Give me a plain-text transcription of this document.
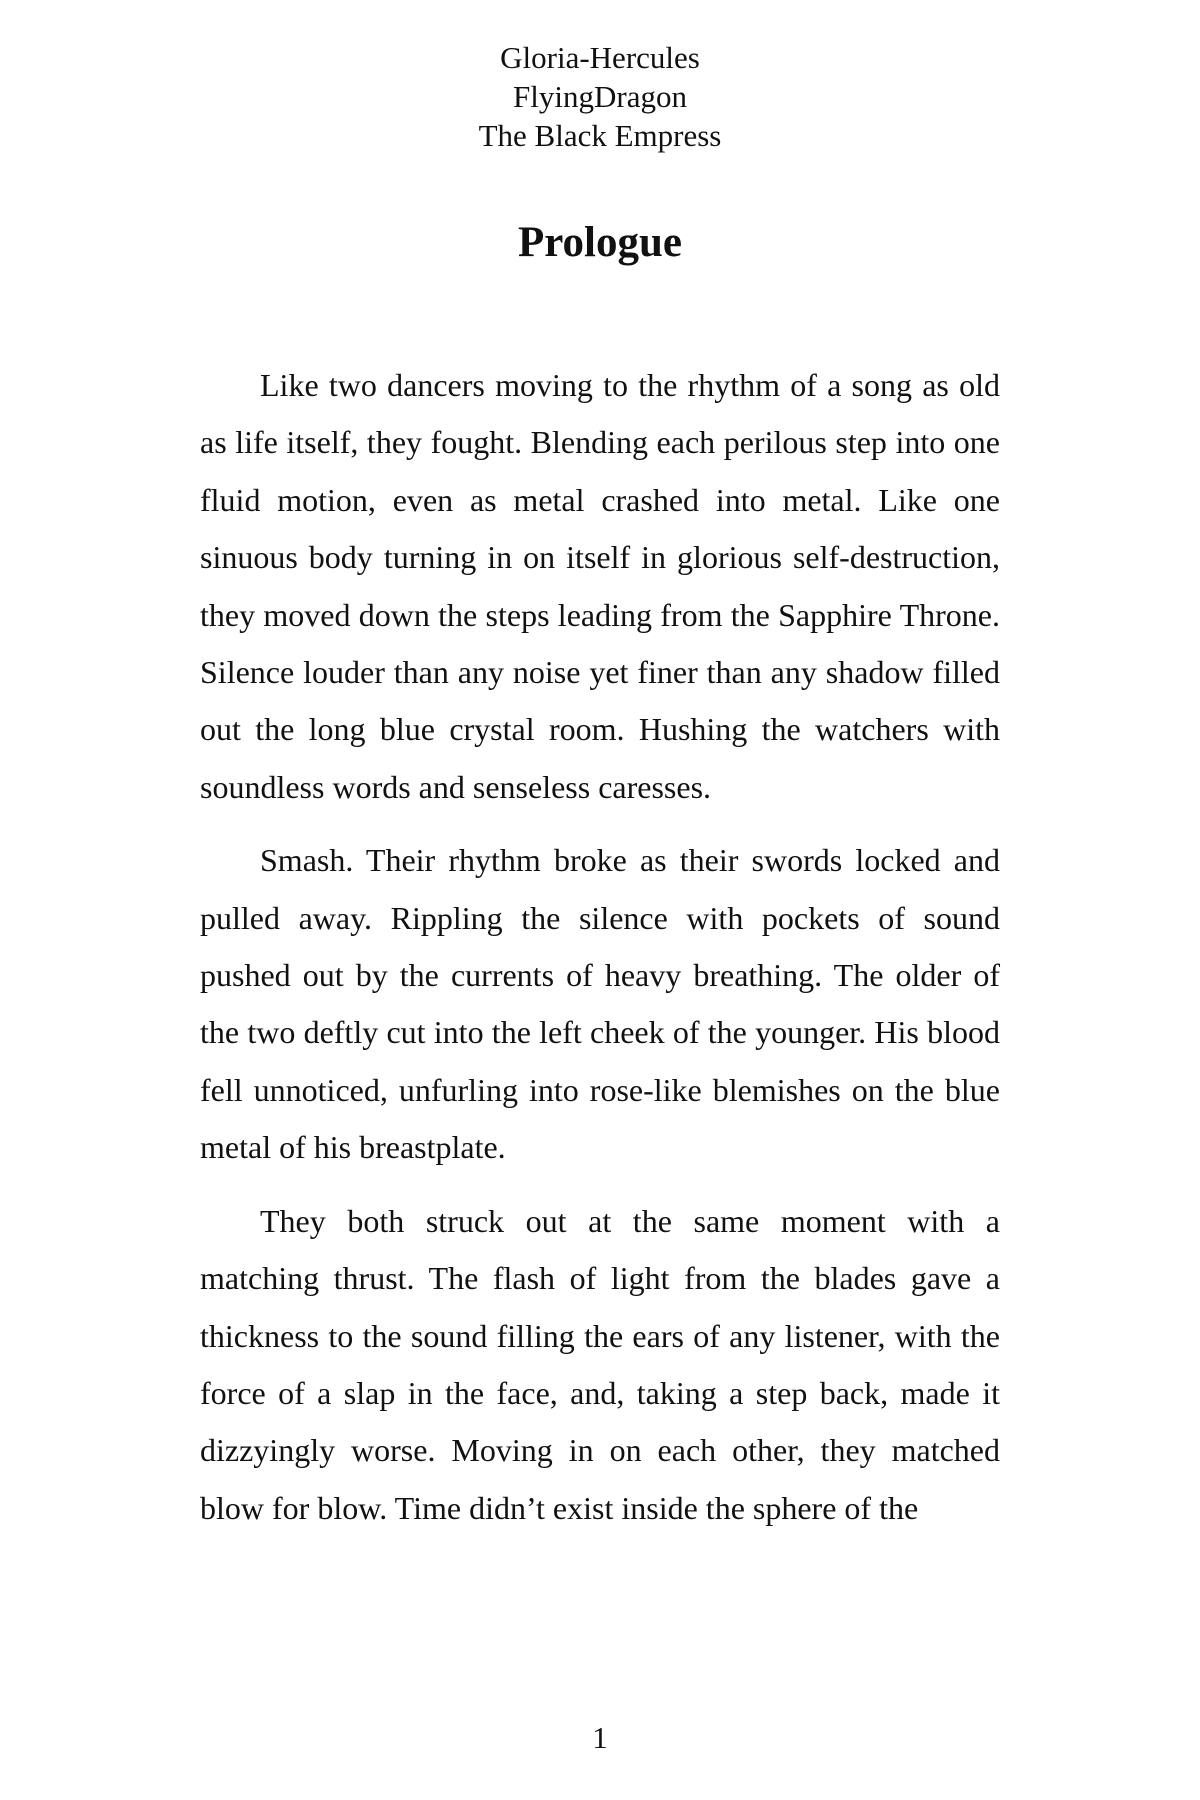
Gloria-Hercules
FlyingDragon
The Black Empress
Prologue

Like two dancers moving to the rhythm of a song as old as life itself, they fought. Blending each perilous step into one fluid motion, even as metal crashed into metal. Like one sinuous body turning in on itself in glorious self-destruction, they moved down the steps leading from the Sapphire Throne. Silence louder than any noise yet finer than any shadow filled out the long blue crystal room. Hushing the watchers with soundless words and senseless caresses.

Smash. Their rhythm broke as their swords locked and pulled away. Rippling the silence with pockets of sound pushed out by the currents of heavy breathing. The older of the two deftly cut into the left cheek of the younger. His blood fell unnoticed, unfurling into rose-like blemishes on the blue metal of his breastplate.

They both struck out at the same moment with a matching thrust. The flash of light from the blades gave a thickness to the sound filling the ears of any listener, with the force of a slap in the face, and, taking a step back, made it dizzyingly worse. Moving in on each other, they matched blow for blow. Time didn’t exist inside the sphere of the

1
